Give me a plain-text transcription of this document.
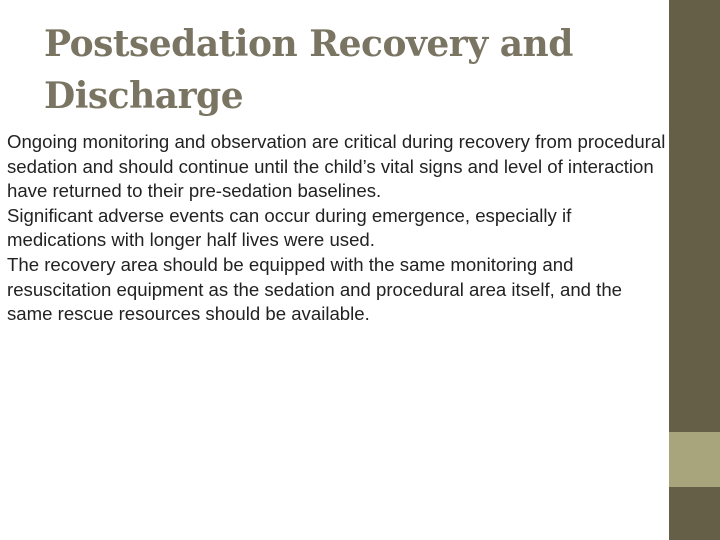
Postsedation Recovery and
Discharge

Ongoing monitoring and observation are critical during recovery from procedural sedation and should continue until the child’s vital signs and level of interaction have returned to their pre-sedation baselines.

Significant adverse events can occur during emergence, especially if medications with longer half lives were used.

The recovery area should be equipped with the same monitoring and resuscitation equipment as the sedation and procedural area itself, and the same rescue resources should be available.
